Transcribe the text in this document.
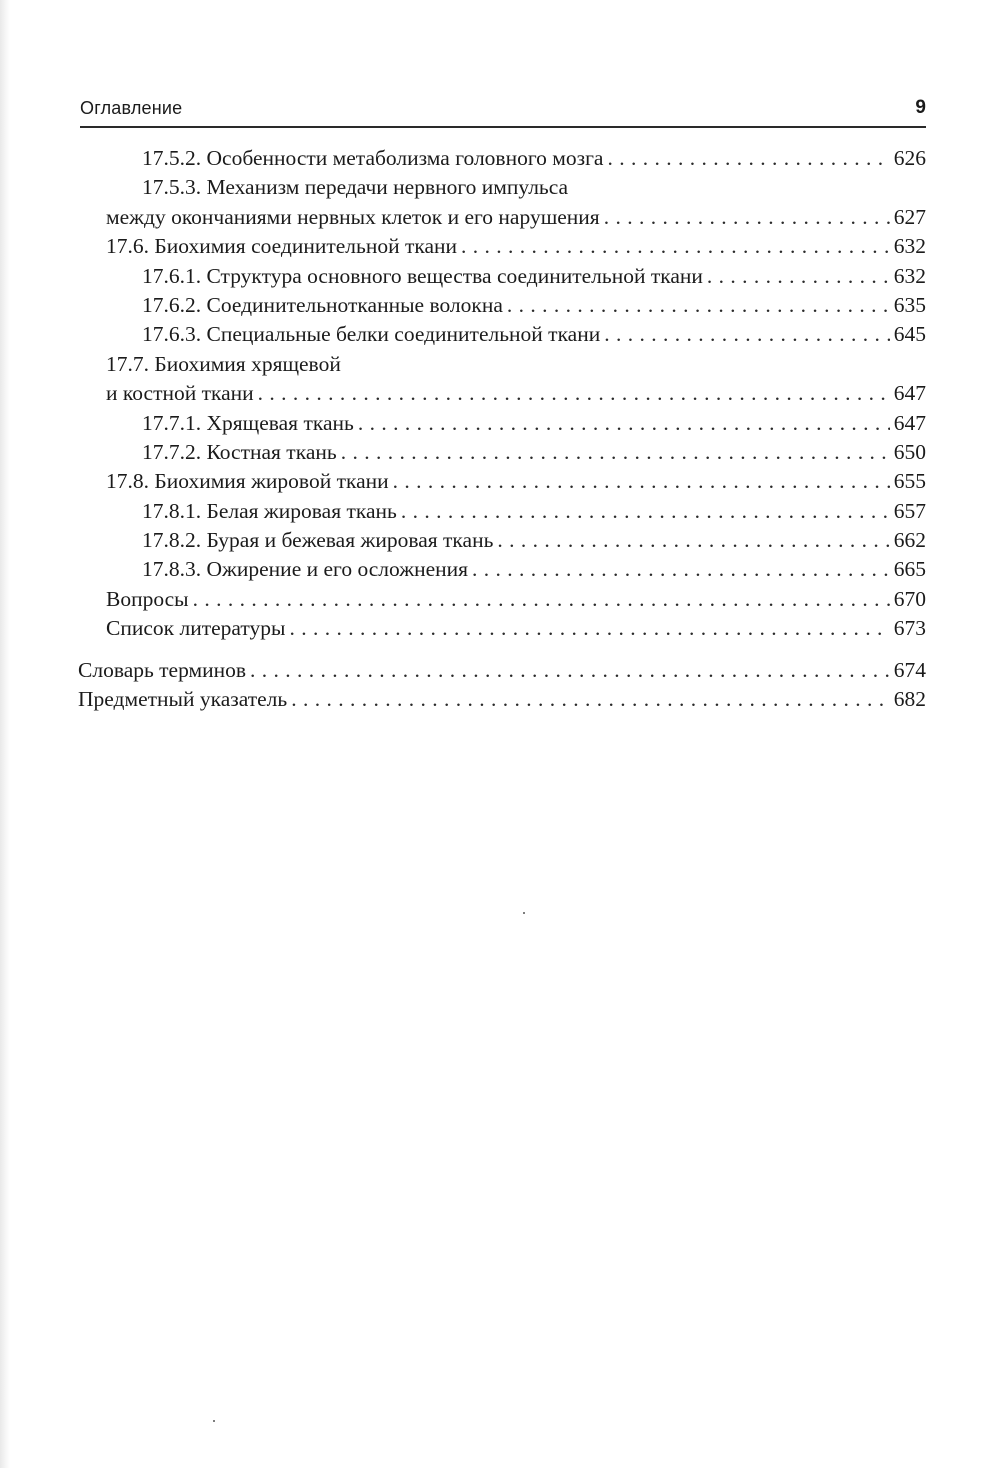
Оглавление	9
17.5.2. Особенности метаболизма головного мозга . . .	626
17.5.3. Механизм передачи нервного импульса
между окончаниями нервных клеток и его нарушения . . .	627
17.6. Биохимия соединительной ткани . . .	632
17.6.1. Структура основного вещества соединительной ткани . . .	632
17.6.2. Соединительнотканные волокна . . .	635
17.6.3. Специальные белки соединительной ткани . . .	645
17.7. Биохимия хрящевой
и костной ткани . . .	647
17.7.1. Хрящевая ткань . . .	647
17.7.2. Костная ткань . . .	650
17.8. Биохимия жировой ткани . . .	655
17.8.1. Белая жировая ткань . . .	657
17.8.2. Бурая и бежевая жировая ткань . . .	662
17.8.3. Ожирение и его осложнения . . .	665
Вопросы . . .	670
Список литературы . . .	673
Словарь терминов . . .	674
Предметный указатель . . .	682
